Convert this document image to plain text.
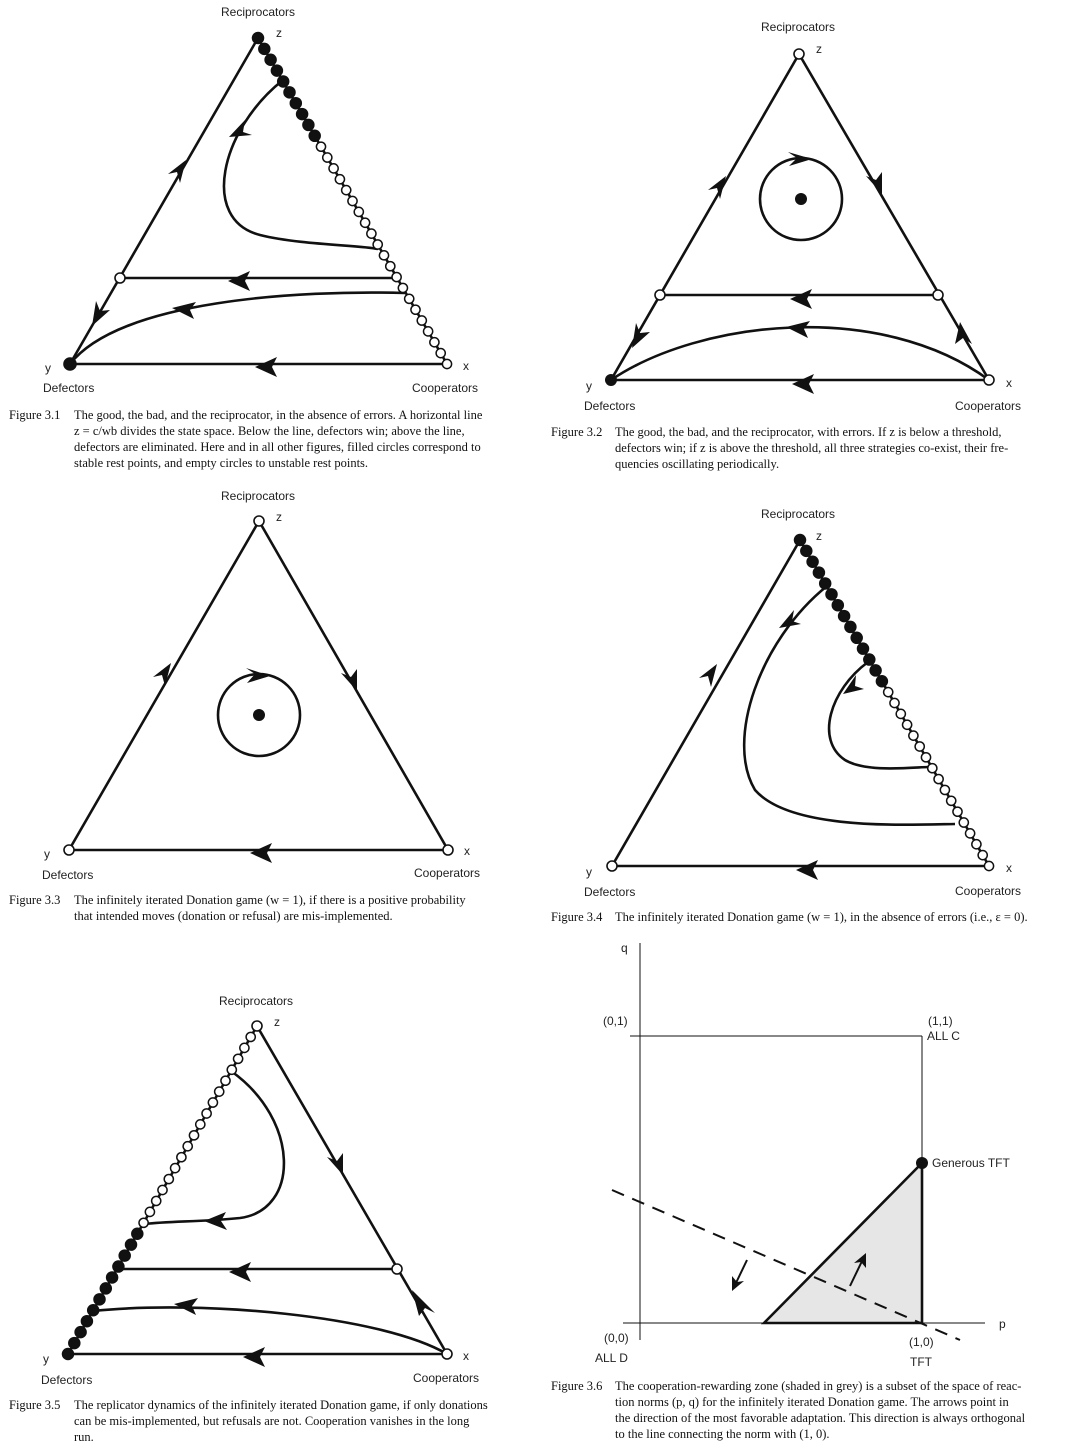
Reciprocators
z
y	x
Defectors	Cooperators
Figure 3.1 The good, the bad, and the reciprocator, in the absence of errors. A horizontal line
z = c/wb divides the state space. Below the line, defectors win; above the line,
defectors are eliminated. Here and in all other figures, filled circles correspond to
stable rest points, and empty circles to unstable rest points.
Reciprocators
z
y	x
Defectors	Cooperators
Figure 3.2 The good, the bad, and the reciprocator, with errors. If z is below a threshold,
defectors win; if z is above the threshold, all three strategies co-exist, their fre-
quencies oscillating periodically.
Reciprocators
z
y	x
Defectors	Cooperators
Figure 3.3 The infinitely iterated Donation game (w = 1), if there is a positive probability
that intended moves (donation or refusal) are mis-implemented.
Reciprocators
z
y	x
Defectors	Cooperators
Figure 3.4 The infinitely iterated Donation game (w = 1), in the absence of errors (i.e., ε = 0).
Reciprocators
z
y	x
Defectors	Cooperators
Figure 3.5 The replicator dynamics of the infinitely iterated Donation game, if only donations
can be mis-implemented, but refusals are not. Cooperation vanishes in the long
run.
q
p
(0,1)	(1,1)
ALL C
Generous TFT
(0,0)
ALL D
(1,0)
TFT
Figure 3.6 The cooperation-rewarding zone (shaded in grey) is a subset of the space of reac-
tion norms (p, q) for the infinitely iterated Donation game. The arrows point in
the direction of the most favorable adaptation. This direction is always orthogonal
to the line connecting the norm with (1, 0).
